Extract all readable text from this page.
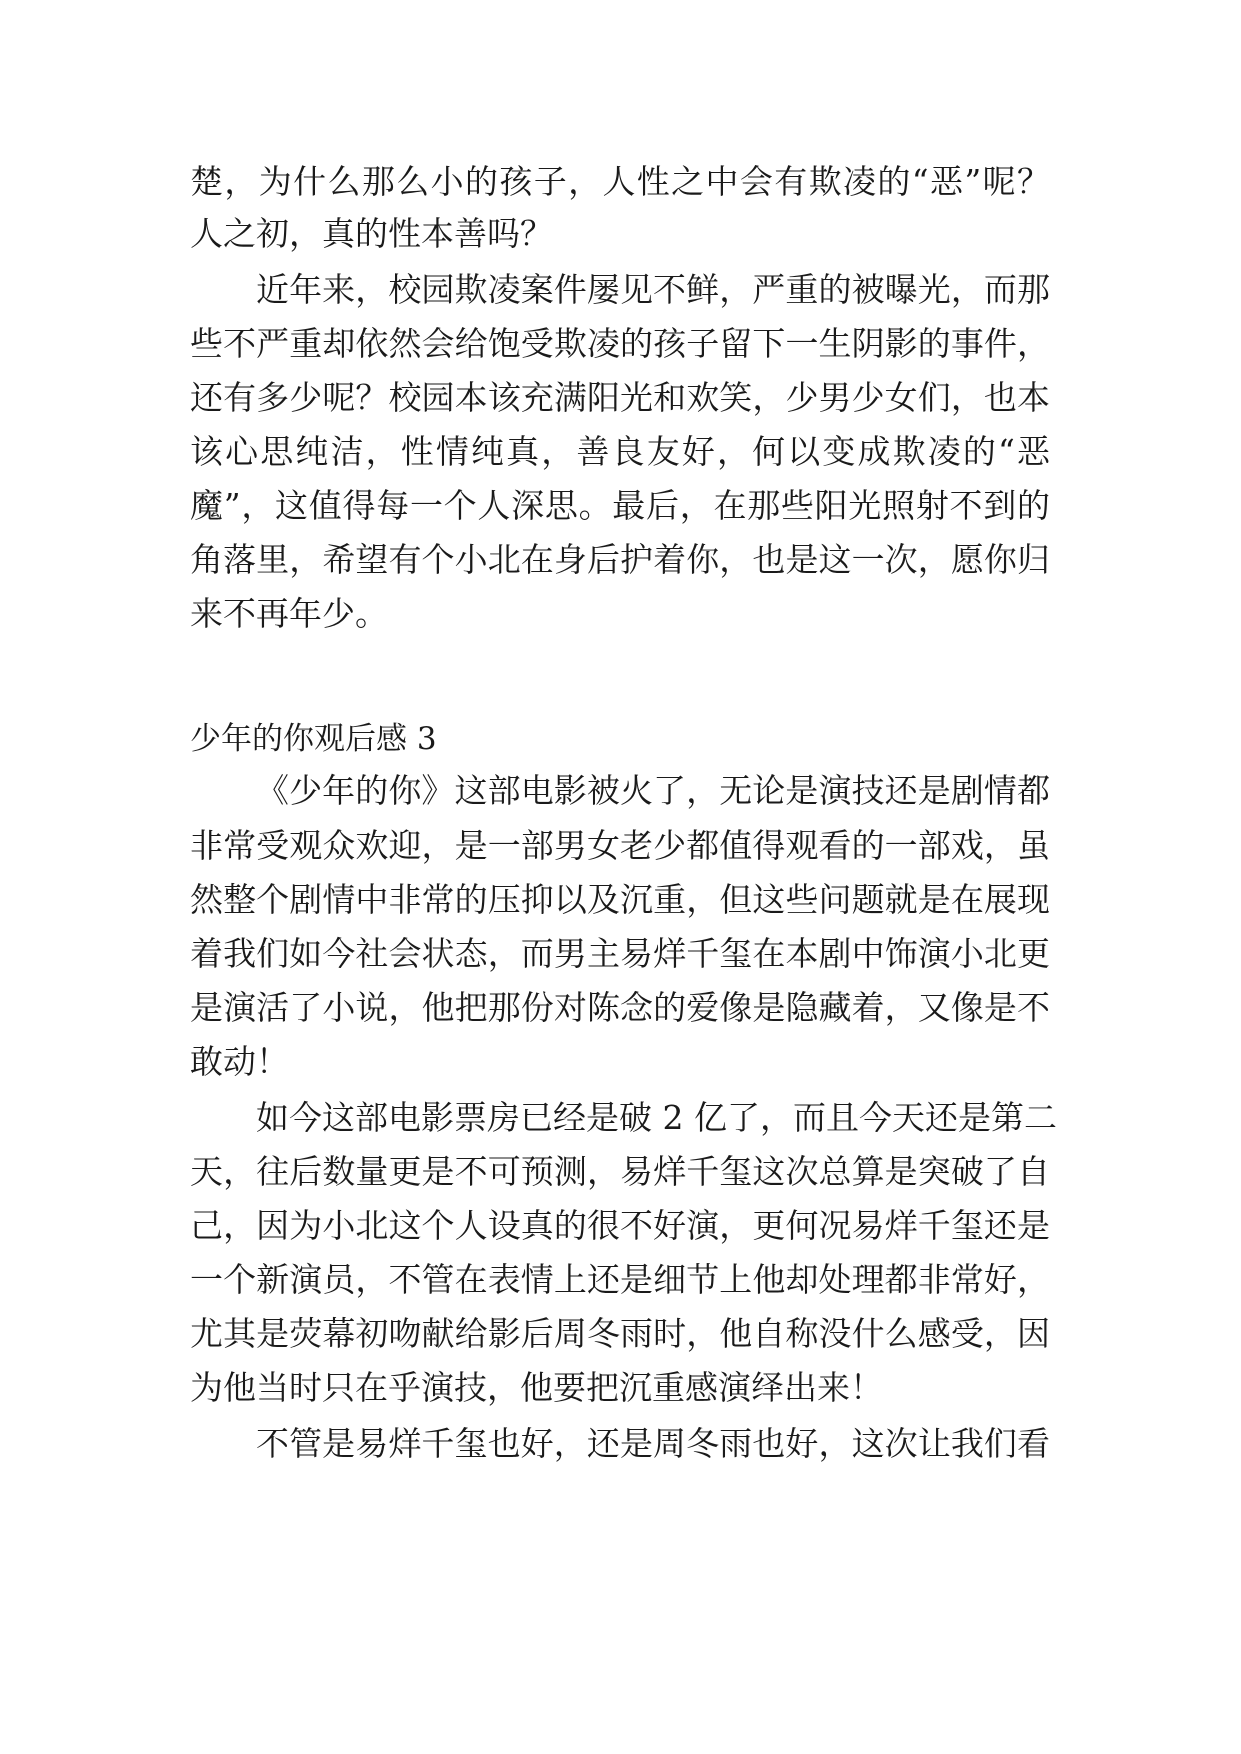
楚，为什么那么小的孩子，人性之中会有欺凌的“恶”呢？
人之初，真的性本善吗？
近年来，校园欺凌案件屡见不鲜，严重的被曝光，而那
些不严重却依然会给饱受欺凌的孩子留下一生阴影的事件，
还有多少呢？校园本该充满阳光和欢笑，少男少女们，也本
该心思纯洁，性情纯真，善良友好，何以变成欺凌的“恶
魔”，这值得每一个人深思。最后，在那些阳光照射不到的
角落里，希望有个小北在身后护着你，也是这一次，愿你归
来不再年少。
少年的你观后感 3
《少年的你》这部电影被火了，无论是演技还是剧情都
非常受观众欢迎，是一部男女老少都值得观看的一部戏，虽
然整个剧情中非常的压抑以及沉重，但这些问题就是在展现
着我们如今社会状态，而男主易烊千玺在本剧中饰演小北更
是演活了小说，他把那份对陈念的爱像是隐藏着，又像是不
敢动！
如今这部电影票房已经是破 2 亿了，而且今天还是第二
天，往后数量更是不可预测，易烊千玺这次总算是突破了自
己，因为小北这个人设真的很不好演，更何况易烊千玺还是
一个新演员，不管在表情上还是细节上他却处理都非常好，
尤其是荧幕初吻献给影后周冬雨时，他自称没什么感受，因
为他当时只在乎演技，他要把沉重感演绎出来！
不管是易烊千玺也好，还是周冬雨也好，这次让我们看
